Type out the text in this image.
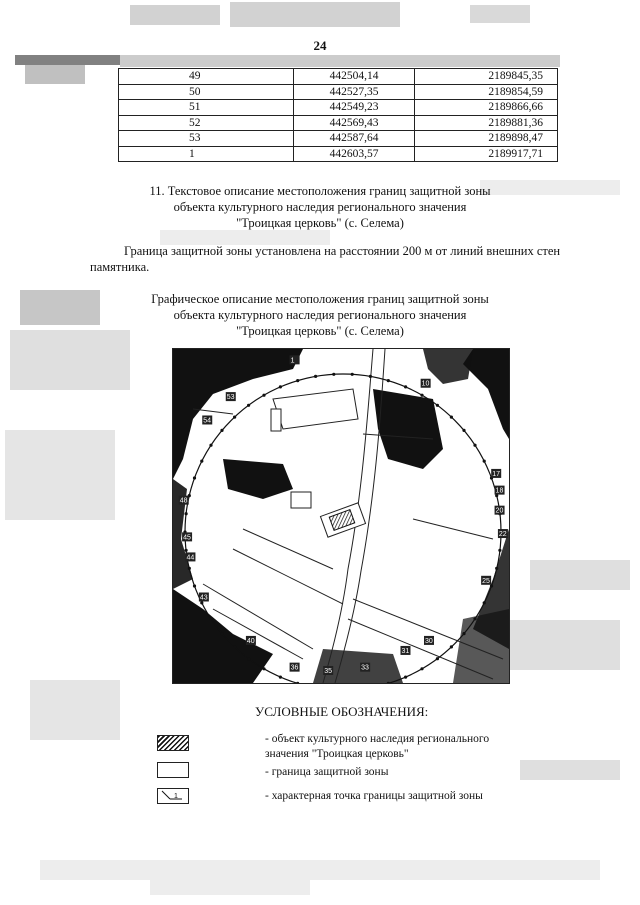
24
49	442504,14	2189845,35
50	442527,35	2189854,59
51	442549,23	2189866,66
52	442569,43	2189881,36
53	442587,64	2189898,47
1	442603,57	2189917,71
11. Текстовое описание местоположения границ защитной зоны
объекта культурного наследия регионального значения
"Троицкая церковь" (с. Селема)
Граница защитной зоны установлена на расстоянии 200 м от линий внешних стен памятника.
Графическое описание местоположения границ защитной зоны
объекта культурного наследия регионального значения
"Троицкая церковь" (с. Селема)
1
10
17
18
20
22
25
30
31
33
35
36
40
43
44
45
48
53
54
УСЛОВНЫЕ ОБОЗНАЧЕНИЯ:
- объект культурного наследия регионального
значения "Троицкая церковь"
- граница защитной зоны
1	- характерная точка границы защитной зоны
